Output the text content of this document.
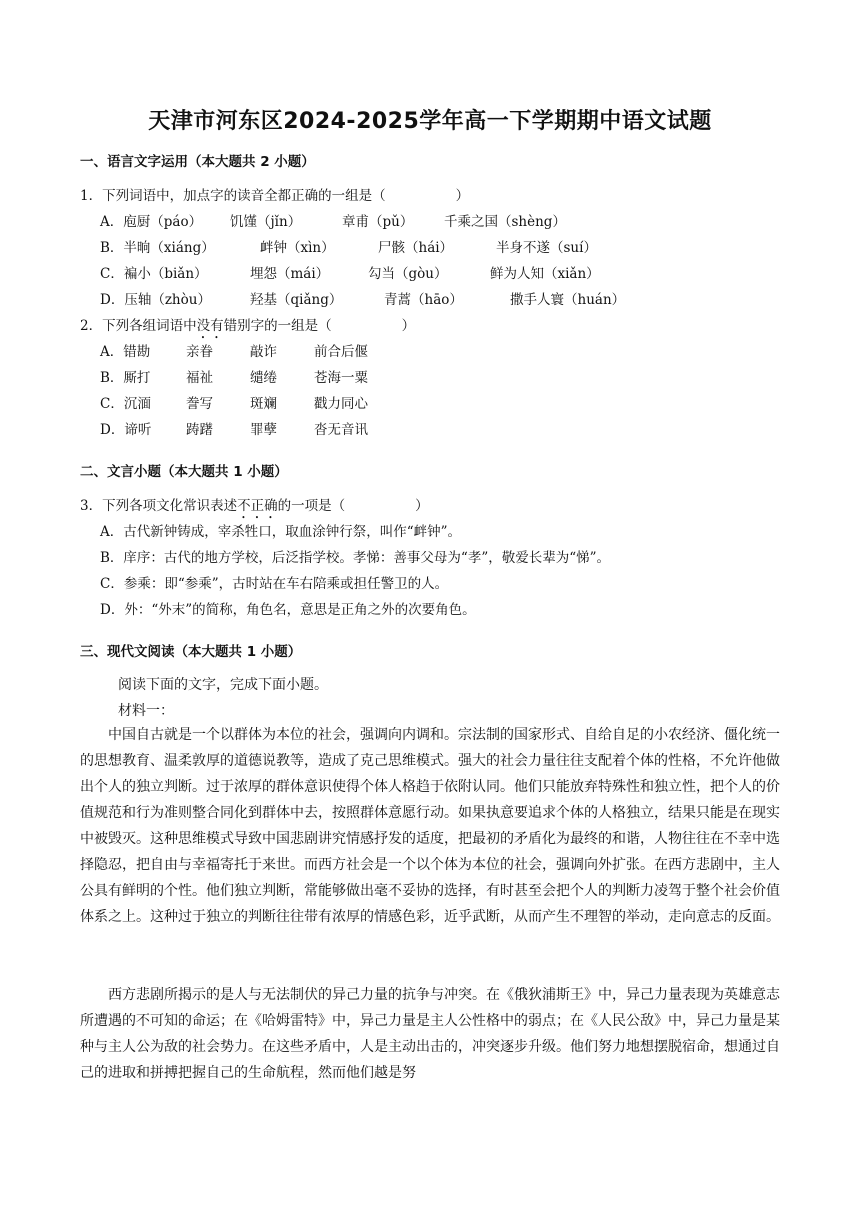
天津市河东区2024-2025学年高一下学期期中语文试题
一、语言文字运用（本大题共 2 小题）
1．下列词语中，加点字的读音全都正确的一组是（	）
A．庖厨（páo） 饥馑（jǐn）	章甫（pǔ） 千乘之国（shèng）
B．半晌（xiáng）	衅钟（xìn）	尸骸（hái）	半身不遂（suí）
C．褊小（biǎn）	埋怨（mái）	勾当（gòu）	鲜为人知（xiǎn）
D．压轴（zhòu）	羟基（qiǎng）	青蒿（hāo）	撒手人寰（huán）
2．下列各组词语中没有错别字的一组是（	）
A．错勘	亲眷	敲诈	前合后偃
B．厮打	福祉	缱绻	苍海一粟
C．沉湎	誊写	斑斓	戳力同心
D．谛听	踌躇	罪孽	沓无音讯
二、文言小题（本大题共 1 小题）
3．下列各项文化常识表述不正确的一项是（	）
A．古代新钟铸成，宰杀牲口，取血涂钟行祭，叫作“衅钟”。
B．庠序：古代的地方学校，后泛指学校。孝悌：善事父母为“孝”，敬爱长辈为“悌”。
C．参乘：即“参乘”，古时站在车右陪乘或担任警卫的人。
D．外：“外末”的简称，角色名，意思是正角之外的次要角色。
三、现代文阅读（本大题共 1 小题）
阅读下面的文字，完成下面小题。
材料一：

中国自古就是一个以群体为本位的社会，强调向内调和。宗法制的国家形式、自给自足的小农经济、僵化统一的思想教育、温柔敦厚的道德说教等，造成了克己思维模式。强大的社会力量往往支配着个体的性格，不允许他做出个人的独立判断。过于浓厚的群体意识使得个体人格趋于依附认同。他们只能放弃特殊性和独立性，把个人的价值规范和行为准则整合同化到群体中去，按照群体意愿行动。如果执意要追求个体的人格独立，结果只能是在现实中被毁灭。这种思维模式导致中国悲剧讲究情感抒发的适度，把最初的矛盾化为最终的和谐，人物往往在不幸中选择隐忍，把自由与幸福寄托于来世。而西方社会是一个以个体为本位的社会，强调向外扩张。在西方悲剧中，主人公具有鲜明的个性。他们独立判断，常能够做出毫不妥协的选择，有时甚至会把个人的判断力凌驾于整个社会价值体系之上。这种过于独立的判断往往带有浓厚的情感色彩，近乎武断，从而产生不理智的举动，走向意志的反面。

西方悲剧所揭示的是人与无法制伏的异己力量的抗争与冲突。在《俄狄浦斯王》中，异己力量表现为英雄意志所遭遇的不可知的命运；在《哈姆雷特》中，异己力量是主人公性格中的弱点；在《人民公敌》中，异己力量是某种与主人公为敌的社会势力。在这些矛盾中，人是主动出击的，冲突逐步升级。他们努力地想摆脱宿命，想通过自己的进取和拼搏把握自己的生命航程，然而他们越是努
